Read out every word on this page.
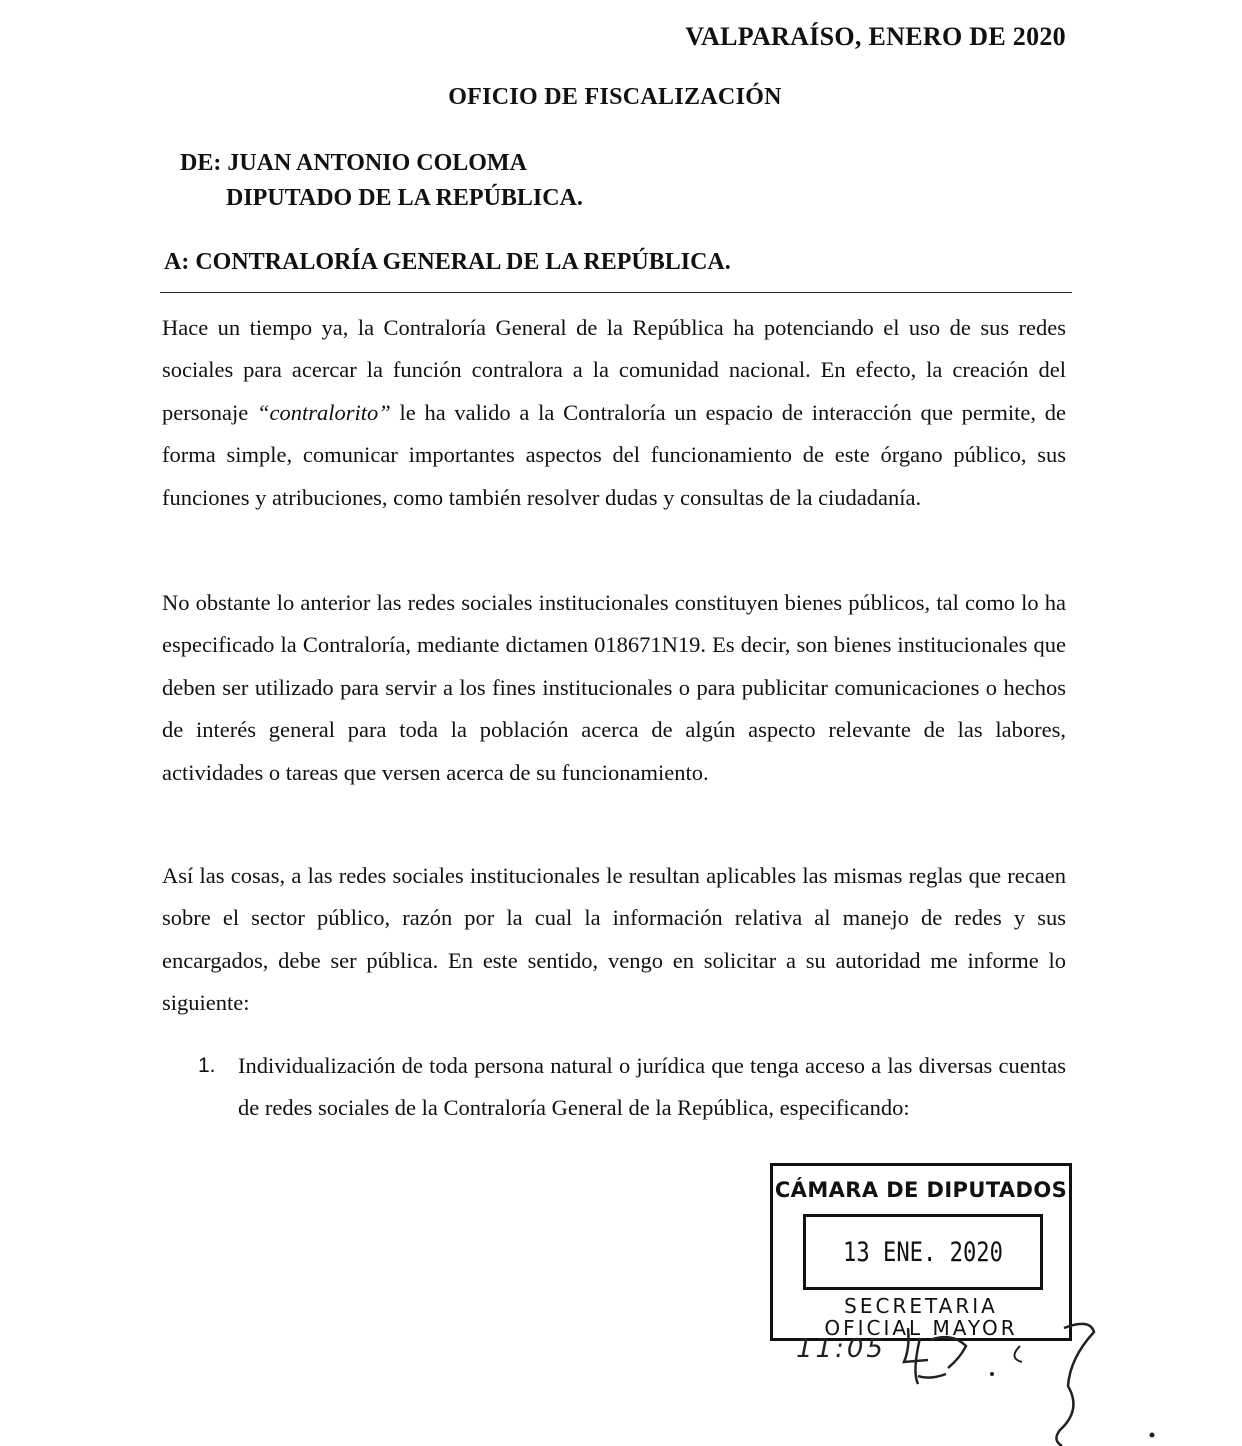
VALPARAÍSO, ENERO DE 2020
OFICIO DE FISCALIZACIÓN
DE: JUAN ANTONIO COLOMA
DIPUTADO DE LA REPÚBLICA.
A: CONTRALORÍA GENERAL DE LA REPÚBLICA.

Hace un tiempo ya, la Contraloría General de la República ha potenciando el uso de sus redes sociales para acercar la función contralora a la comunidad nacional. En efecto, la creación del personaje “contralorito” le ha valido a la Contraloría un espacio de interacción que permite, de forma simple, comunicar importantes aspectos del funcionamiento de este órgano público, sus funciones y atribuciones, como también resolver dudas y consultas de la ciudadanía.

No obstante lo anterior las redes sociales institucionales constituyen bienes públicos, tal como lo ha especificado la Contraloría, mediante dictamen 018671N19. Es decir, son bienes institucionales que deben ser utilizado para servir a los fines institucionales o para publicitar comunicaciones o hechos de interés general para toda la población acerca de algún aspecto relevante de las labores, actividades o tareas que versen acerca de su funcionamiento.

Así las cosas, a las redes sociales institucionales le resultan aplicables las mismas reglas que recaen sobre el sector público, razón por la cual la información relativa al manejo de redes y sus encargados, debe ser pública. En este sentido, vengo en solicitar a su autoridad me informe lo siguiente:

1. Individualización de toda persona natural o jurídica que tenga acceso a las diversas cuentas de redes sociales de la Contraloría General de la República, especificando:
CÁMARA DE DIPUTADOS
13 ENE. 2020
SECRETARIA
OFICIAL MAYOR
11:05
